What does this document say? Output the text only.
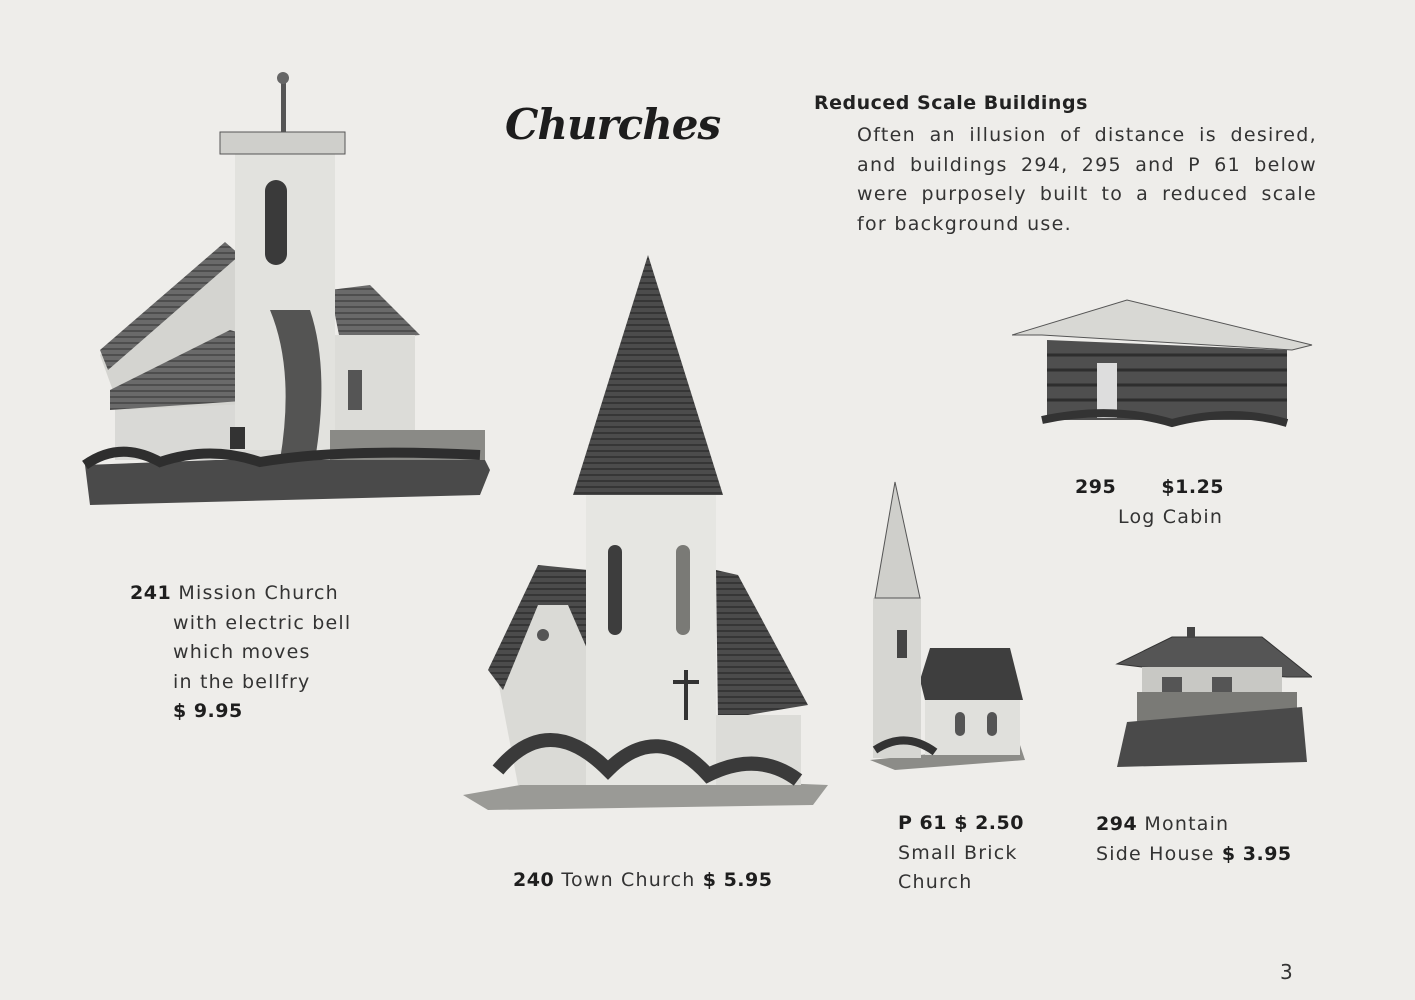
Churches	Reduced Scale Buildings
Often an illusion of distance is desired,
and buildings 294, 295 and P 61 below
were purposely built to a reduced scale
for background use.
241 Mission Church
with electric bell
which moves
in the bellfry
$ 9.95
240 Town Church $ 5.95
P 61 $ 2.50
Small Brick
Church
295 $1.25
Log Cabin
294 Montain
Side House $ 3.95
3
